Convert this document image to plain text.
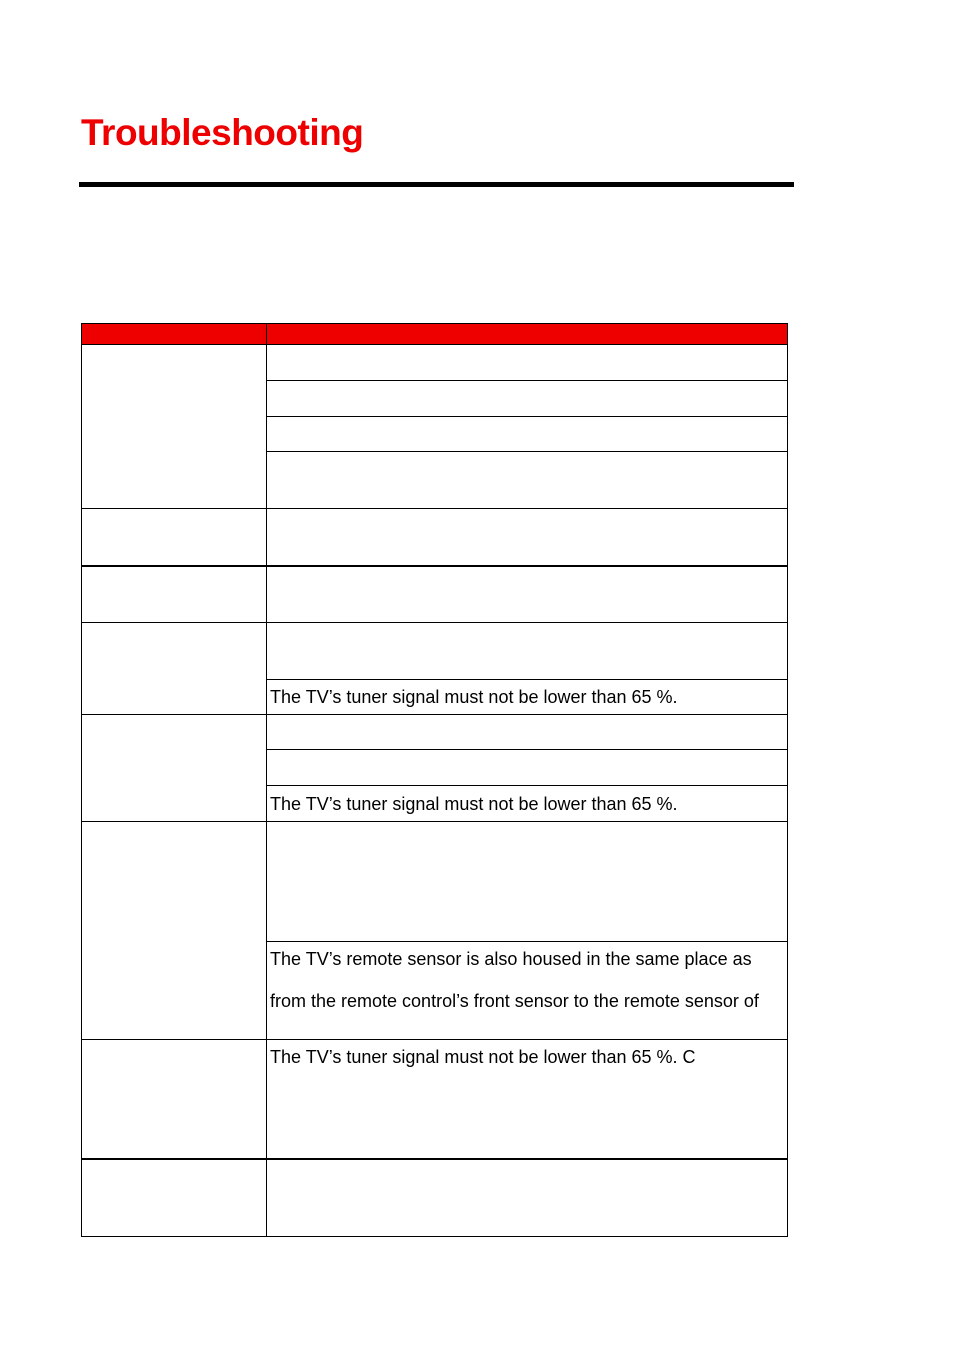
Troubleshooting
The TV’s tuner signal must not be lower than 65 %.
The TV’s tuner signal must not be lower than 65 %.
The TV’s remote sensor is also housed in the same place as
from the remote control’s front sensor to the remote sensor of
The TV’s tuner signal must not be lower than 65 %. C
